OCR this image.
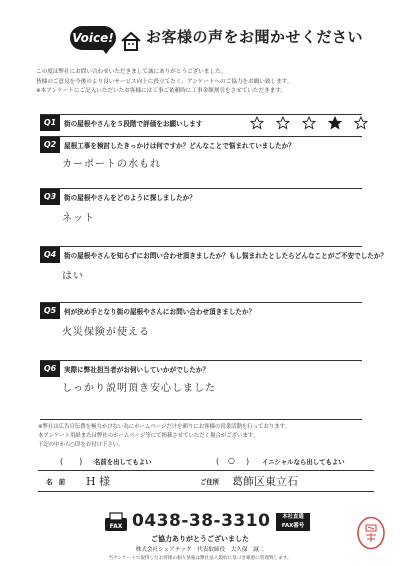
Voice! お客様の声をお聞かせください
この度は弊社にお問い合わせいただきまして誠にありがとうございました。
皆様のご意見を今後のより良いサービス向上に役立てたく、アンケートへのご協力をお願い致します。
※本アンケートにご記入いただいたお客様には工事ご依頼時に工事金額割引をさせていただきます。
Q1	街の屋根やさんを５段階で評価をお願いします
Q2	屋根工事を検討したきっかけは何ですか？どんなことで悩まれていましたか？
カーポートの水もれ
Q3	街の屋根やさんをどのように探しましたか？
ネット
Q4	街の屋根やさんを知らずにお問い合わせ頂きましたか？もし悩まれたとしたらどんなことがご不安でしたか？
はい
Q5	何が決め手となり街の屋根やさんにお問い合わせ頂きましたか？
火災保険が使える
Q6	実際に弊社担当者がお伺いしていかがでしたか？
しっかり説明頂き安心しました
※弊社は広告宣伝費を極力かけない為にホームページだけを頼りにお客様の営業活動を行っております。
本アンケート用紙または弊社のホームページ等にて掲載させていただく場合がございます。
下記の中から○印をお付け下さい。
(　　) 名前を出してもよい	(　 ○ 　) イニシャルなら出してもよい
名　前 H 様	ご住所 葛飾区東立石
FAX 0438-38-3310	本社直通 FAX番号
ご協力ありがとうございました
株式会社シェアテック　代表取締役　大久保　誠二
当アンケートで取得したお客様の個人情報は弊社法人規約に基づき厳重に管理致します。
